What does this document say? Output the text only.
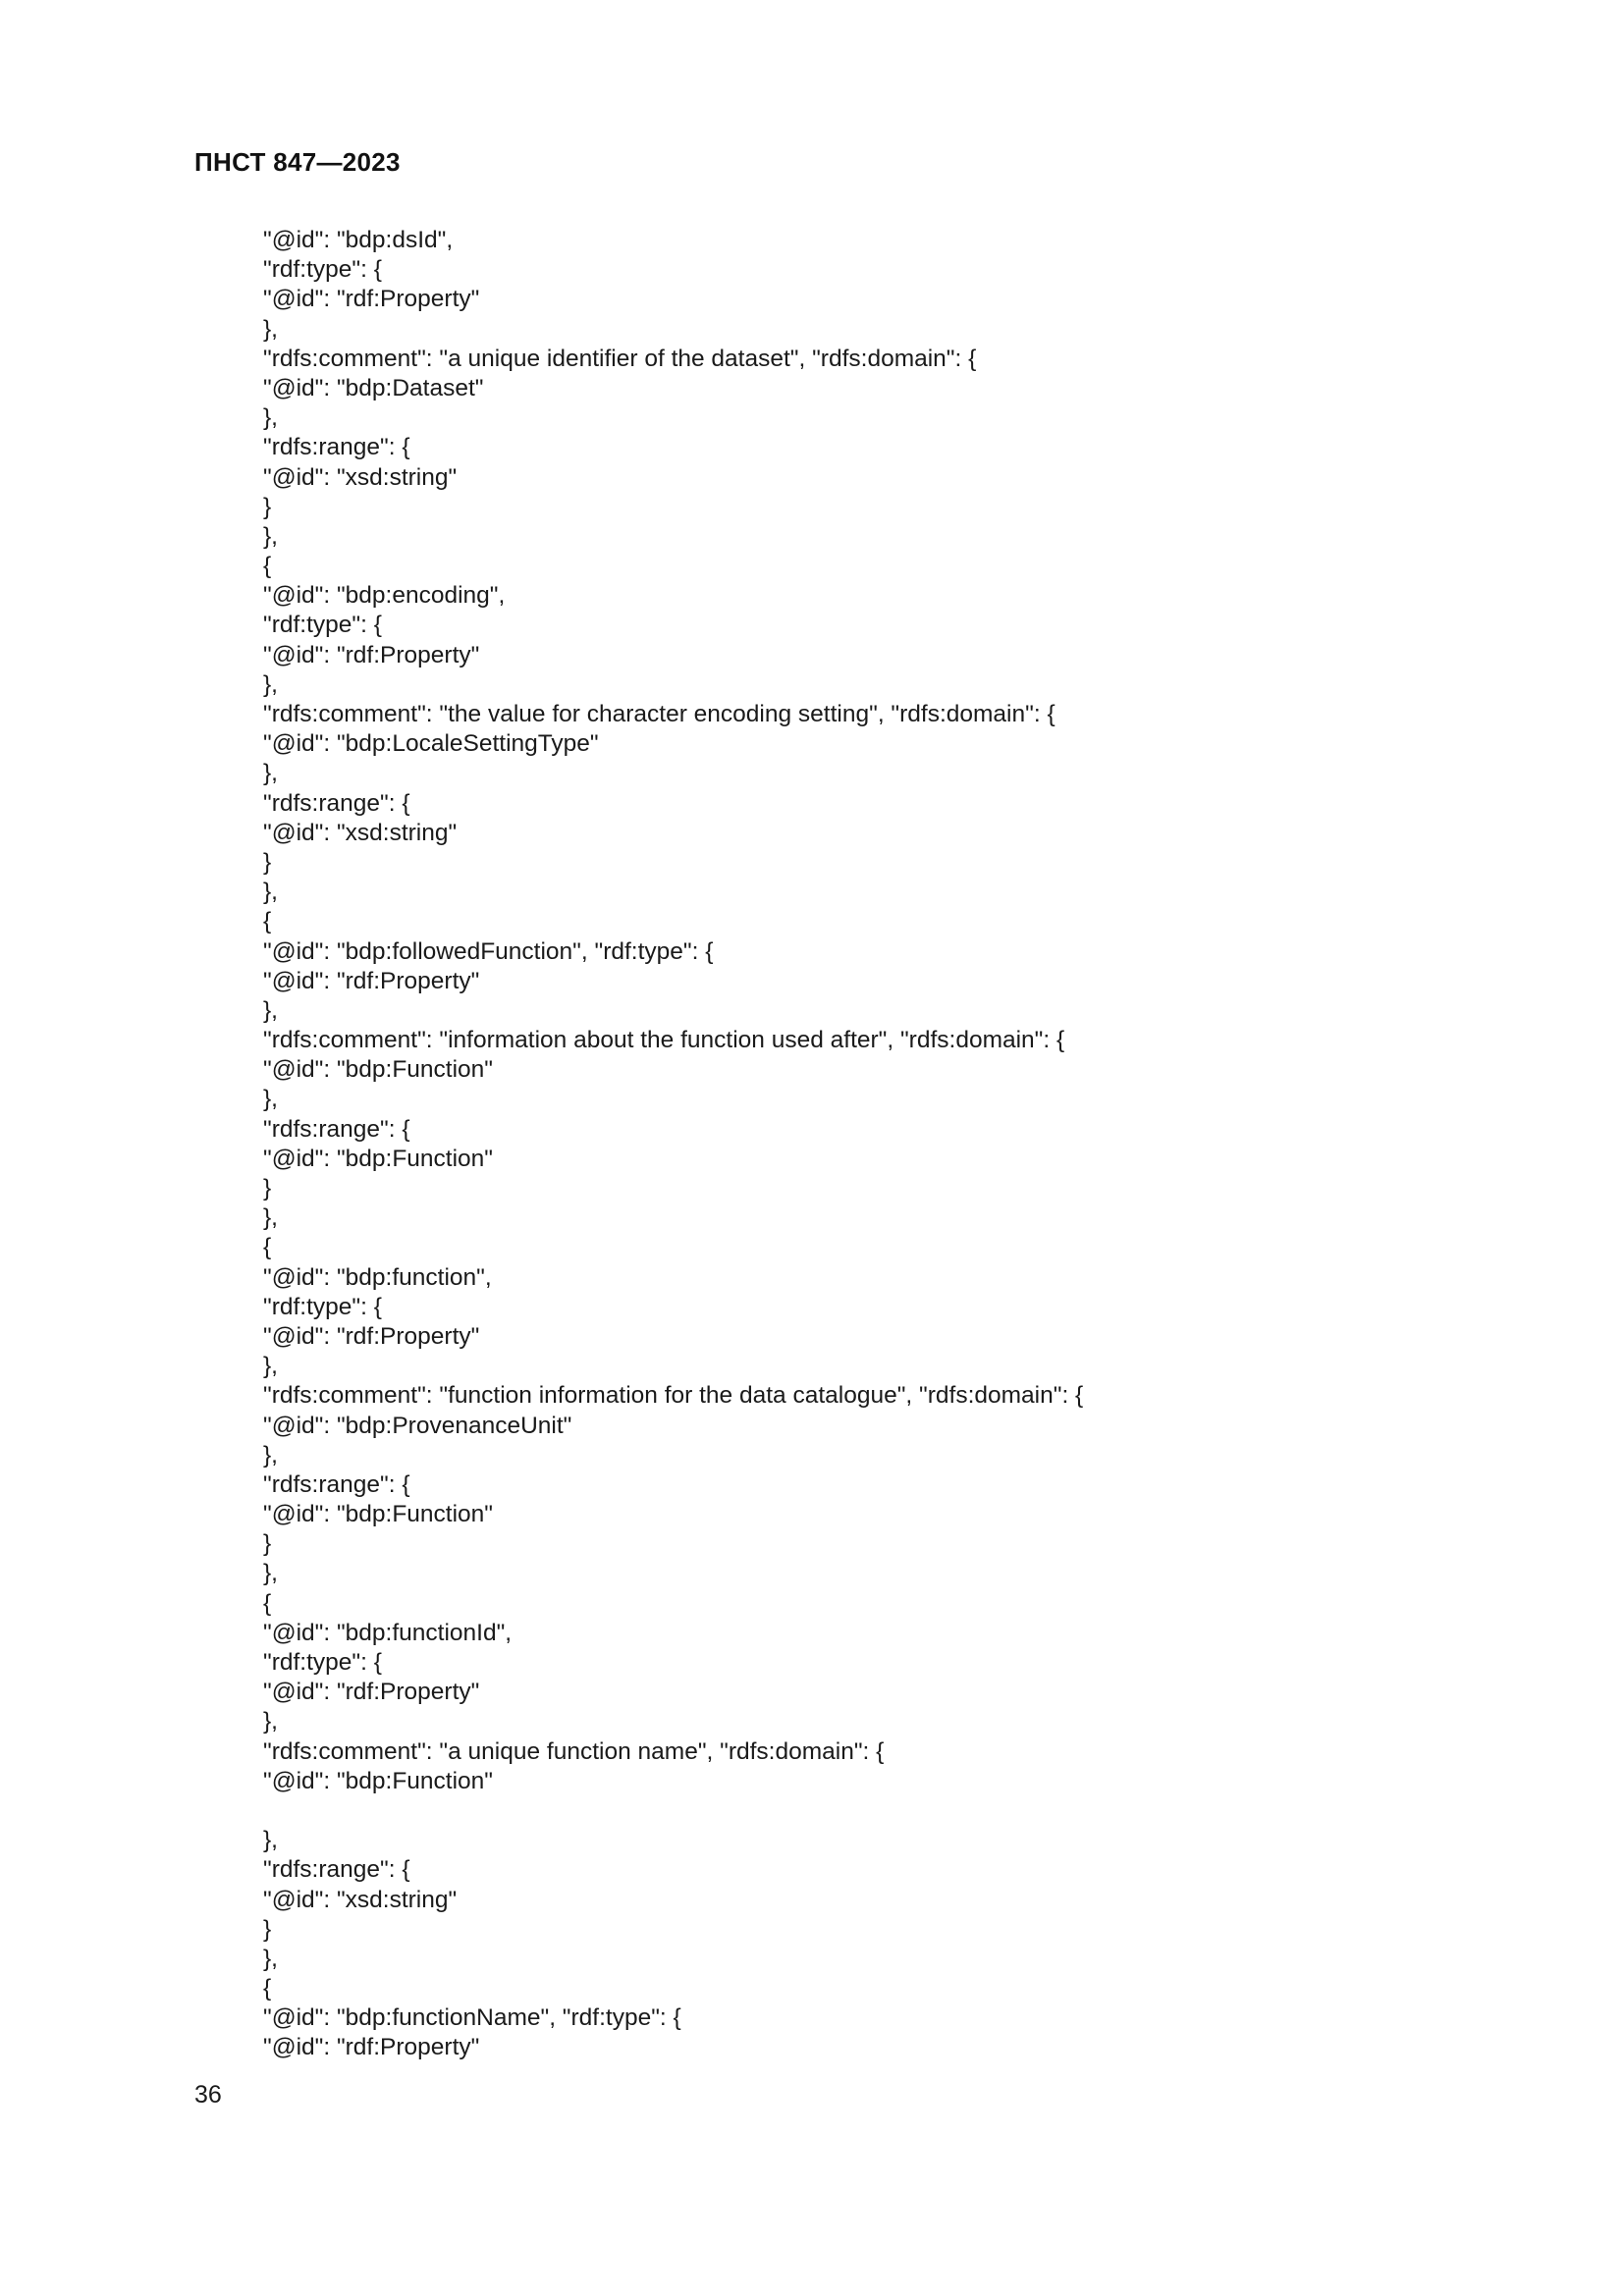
ПНСТ 847—2023
"@id": "bdp:dsId",
"rdf:type": {
"@id": "rdf:Property"
},
"rdfs:comment": "a unique identifier of the dataset", "rdfs:domain": {
"@id": "bdp:Dataset"
},
"rdfs:range": {
"@id": "xsd:string"
}
},
{
"@id": "bdp:encoding",
"rdf:type": {
"@id": "rdf:Property"
},
"rdfs:comment": "the value for character encoding setting", "rdfs:domain": {
"@id": "bdp:LocaleSettingType"
},
"rdfs:range": {
"@id": "xsd:string"
}
},
{
"@id": "bdp:followedFunction", "rdf:type": {
"@id": "rdf:Property"
},
"rdfs:comment": "information about the function used after", "rdfs:domain": {
"@id": "bdp:Function"
},
"rdfs:range": {
"@id": "bdp:Function"
}
},
{
"@id": "bdp:function",
"rdf:type": {
"@id": "rdf:Property"
},
"rdfs:comment": "function information for the data catalogue", "rdfs:domain": {
"@id": "bdp:ProvenanceUnit"
},
"rdfs:range": {
"@id": "bdp:Function"
}
},
{
"@id": "bdp:functionId",
"rdf:type": {
"@id": "rdf:Property"
},
"rdfs:comment": "a unique function name", "rdfs:domain": {
"@id": "bdp:Function"
},
"rdfs:range": {
"@id": "xsd:string"
}
},
{
"@id": "bdp:functionName", "rdf:type": {
"@id": "rdf:Property"
36
